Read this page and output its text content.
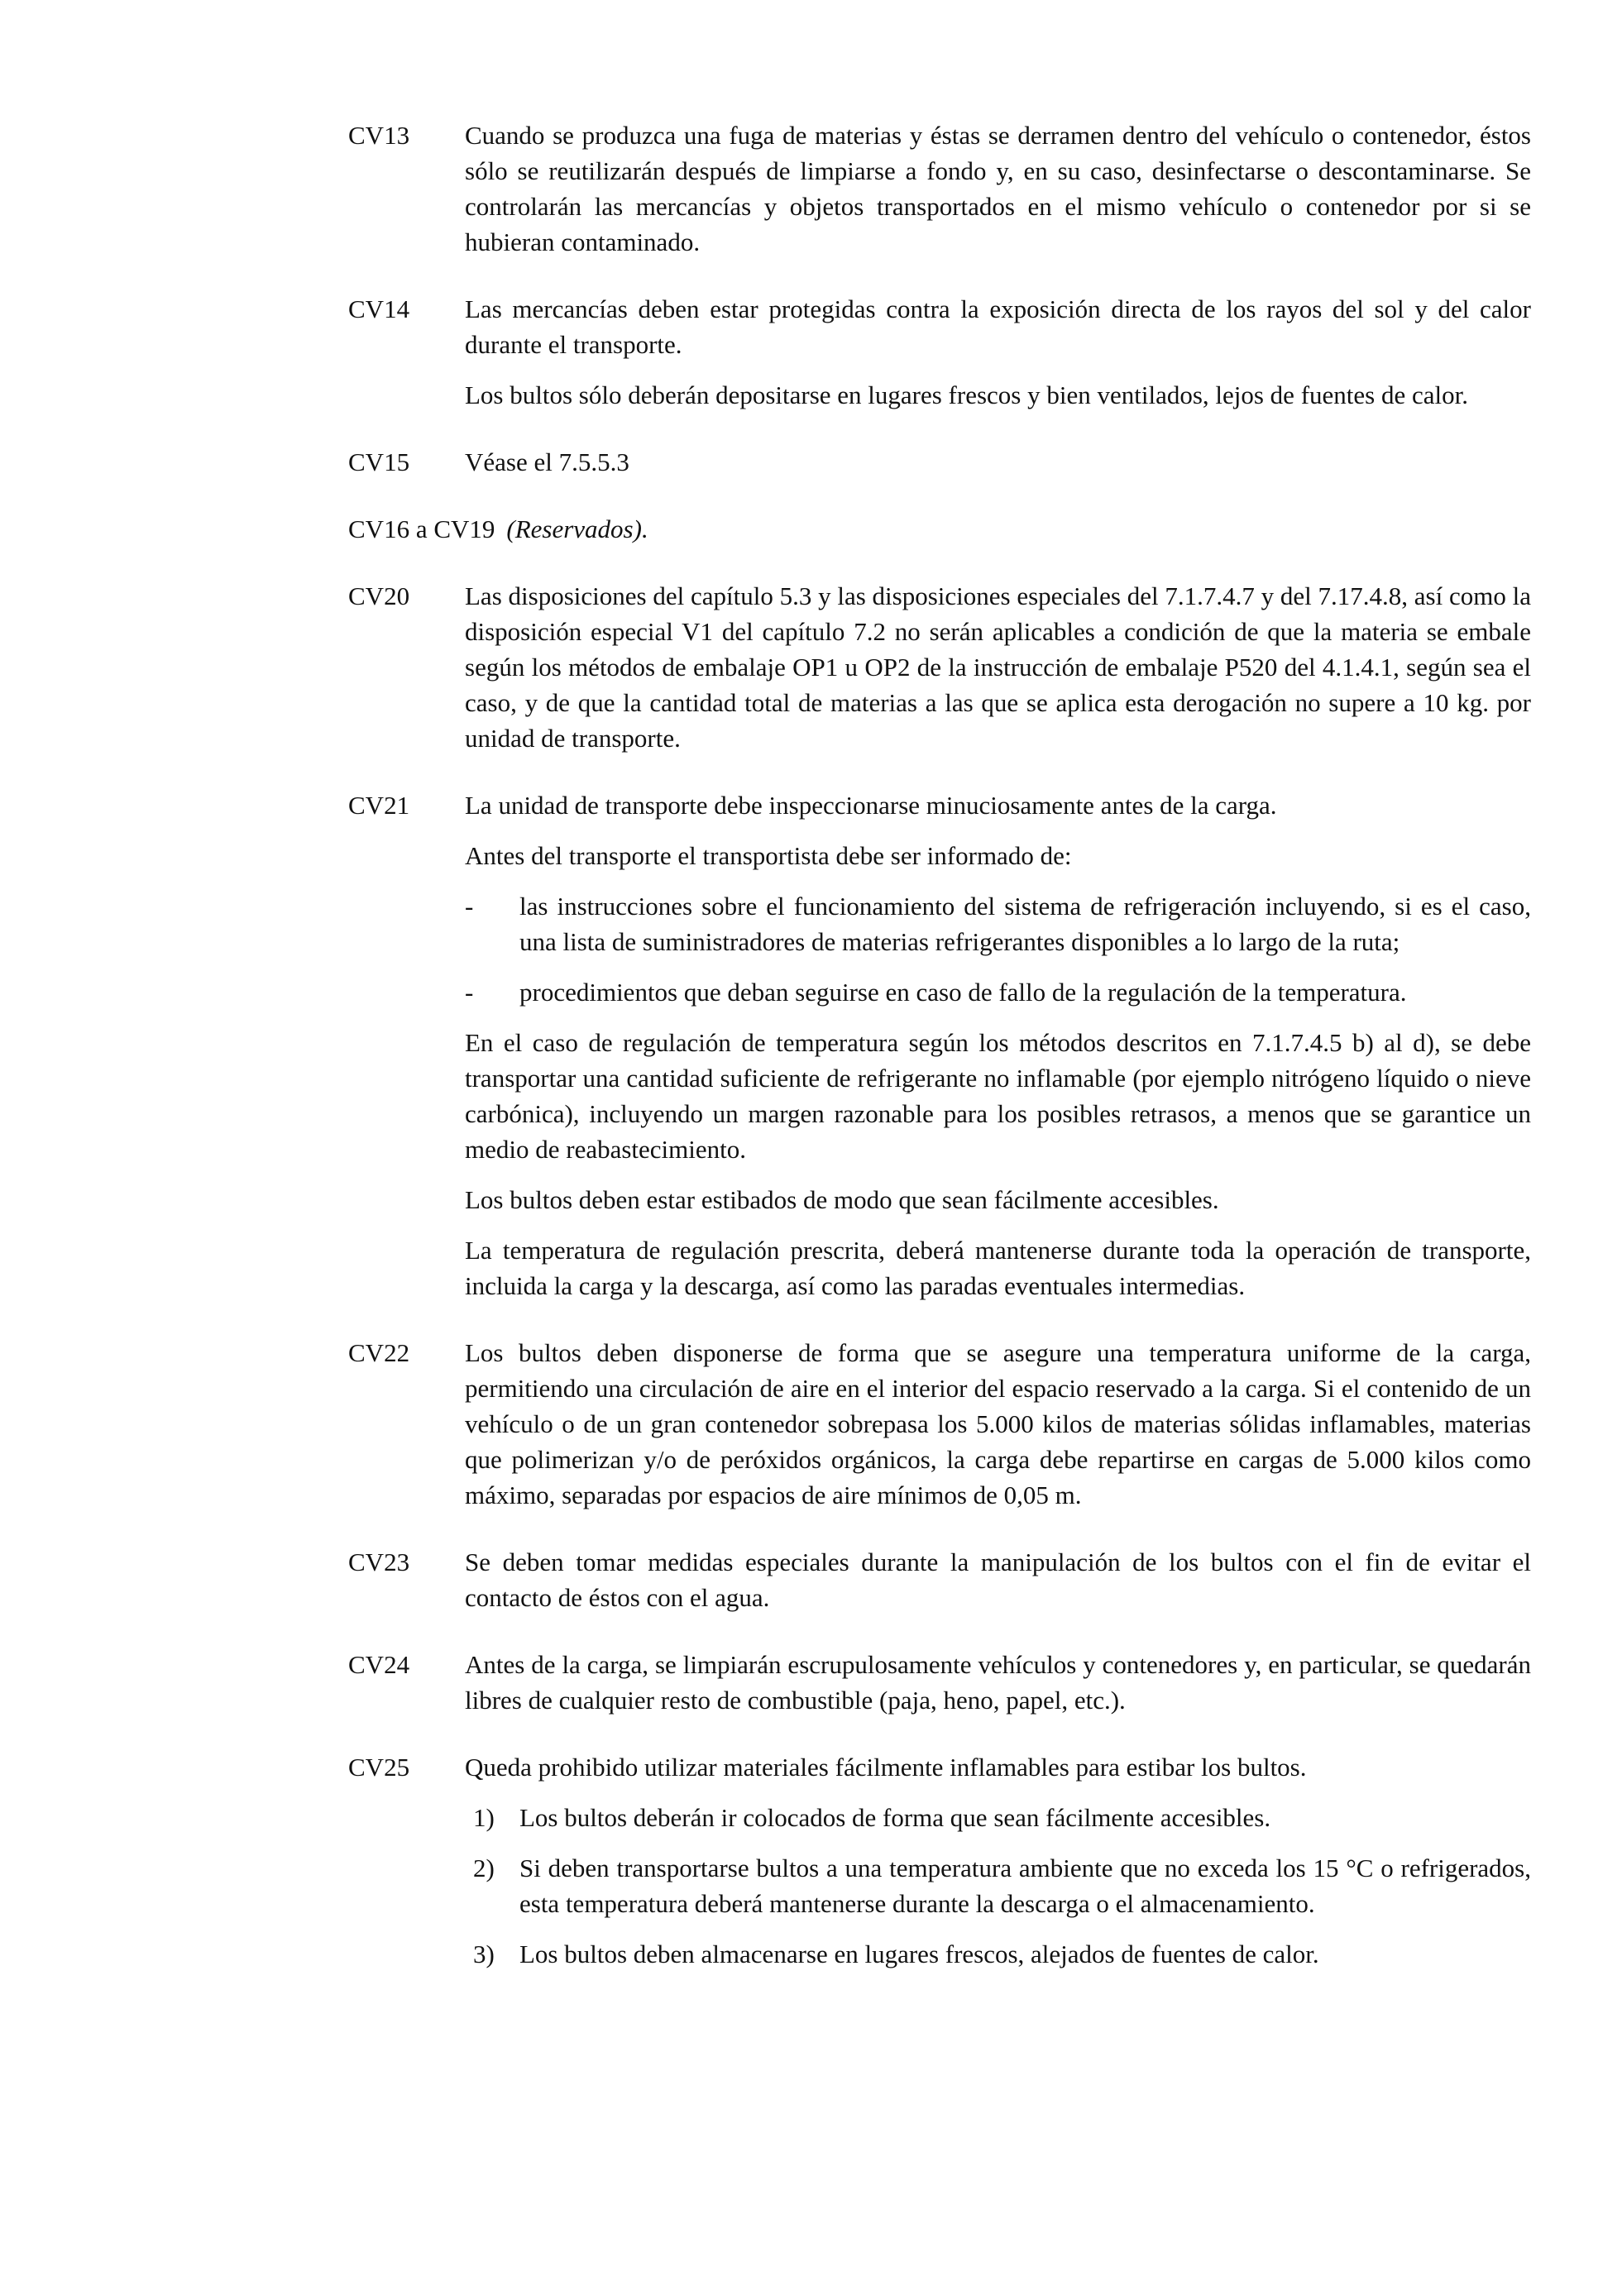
CV13	Cuando se produzca una fuga de materias y éstas se derramen dentro del vehículo o contenedor, éstos sólo se reutilizarán después de limpiarse a fondo y, en su caso, desinfectarse o descontaminarse. Se controlarán las mercancías y objetos transportados en el mismo vehículo o contenedor por si se hubieran contaminado.

CV14	Las mercancías deben estar protegidas contra la exposición directa de los rayos del sol y del calor durante el transporte.

Los bultos sólo deberán depositarse en lugares frescos y bien ventilados, lejos de fuentes de calor.

CV15	Véase el 7.5.5.3

CV16 a CV19 (Reservados).
CV20	Las disposiciones del capítulo 5.3 y las disposiciones especiales del 7.1.7.4.7 y del 7.17.4.8, así como la disposición especial V1 del capítulo 7.2 no serán aplicables a condición de que la materia se embale según los métodos de embalaje OP1 u OP2 de la instrucción de embalaje P520 del 4.1.4.1, según sea el caso, y de que la cantidad total de materias a las que se aplica esta derogación no supere a 10 kg. por unidad de transporte.

CV21	La unidad de transporte debe inspeccionarse minuciosamente antes de la carga.

Antes del transporte el transportista debe ser informado de:

- las instrucciones sobre el funcionamiento del sistema de refrigeración incluyendo, si es el caso, una lista de suministradores de materias refrigerantes disponibles a lo largo de la ruta;
- procedimientos que deban seguirse en caso de fallo de la regulación de la temperatura.

En el caso de regulación de temperatura según los métodos descritos en 7.1.7.4.5 b) al d), se debe transportar una cantidad suficiente de refrigerante no inflamable (por ejemplo nitrógeno líquido o nieve carbónica), incluyendo un margen razonable para los posibles retrasos, a menos que se garantice un medio de reabastecimiento.

Los bultos deben estar estibados de modo que sean fácilmente accesibles.

La temperatura de regulación prescrita, deberá mantenerse durante toda la operación de transporte, incluida la carga y la descarga, así como las paradas eventuales intermedias.

CV22	Los bultos deben disponerse de forma que se asegure una temperatura uniforme de la carga, permitiendo una circulación de aire en el interior del espacio reservado a la carga. Si el contenido de un vehículo o de un gran contenedor sobrepasa los 5.000 kilos de materias sólidas inflamables, materias que polimerizan y/o de peróxidos orgánicos, la carga debe repartirse en cargas de 5.000 kilos como máximo, separadas por espacios de aire mínimos de 0,05 m.

CV23	Se deben tomar medidas especiales durante la manipulación de los bultos con el fin de evitar el contacto de éstos con el agua.

CV24	Antes de la carga, se limpiarán escrupulosamente vehículos y contenedores y, en particular, se quedarán libres de cualquier resto de combustible (paja, heno, papel, etc.).

CV25	Queda prohibido utilizar materiales fácilmente inflamables para estibar los bultos.

1) Los bultos deberán ir colocados de forma que sean fácilmente accesibles.
2) Si deben transportarse bultos a una temperatura ambiente que no exceda los 15 °C o refrigerados, esta temperatura deberá mantenerse durante la descarga o el almacenamiento.
3) Los bultos deben almacenarse en lugares frescos, alejados de fuentes de calor.
